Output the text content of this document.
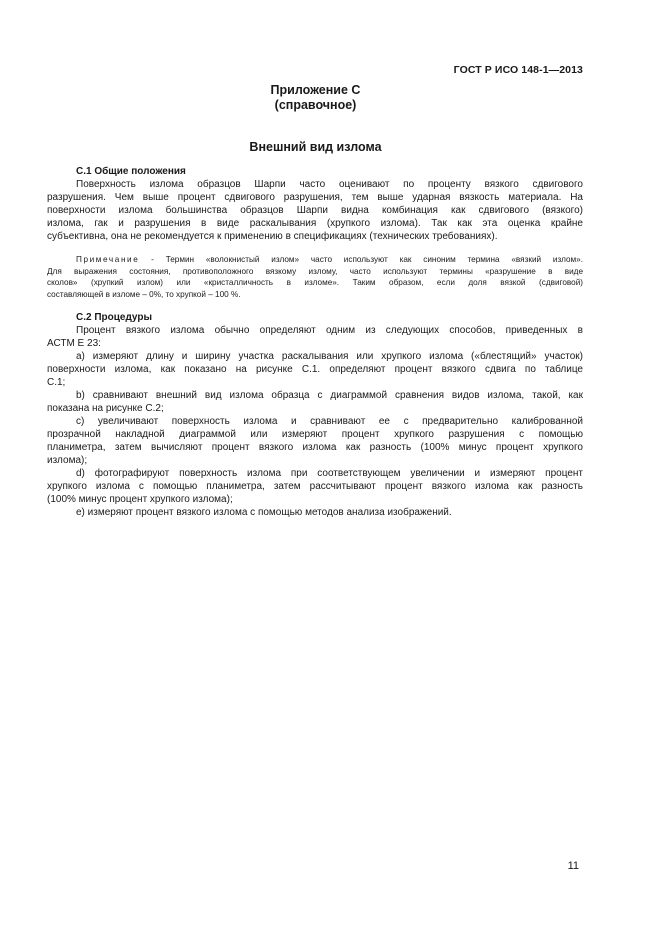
ГОСТ Р ИСО 148-1—2013
Приложение С
(справочное)
Внешний вид излома

С.1 Общие положения

Поверхность излома образцов Шарпи часто оценивают по проценту вязкого сдвигового

разрушения. Чем выше процент сдвигового разрушения, тем выше ударная вязкость материала. На

поверхности излома большинства образцов Шарпи видна комбинация как сдвигового (вязкого)

излома, гак и разрушения в виде раскалывания (хрупкого излома). Так как эта оценка крайне

субъективна, она не рекомендуется к применению в спецификациях (технических требованиях).

Примечание - Термин «волокнистый излом» часто используют как синоним термина «вязкий излом».

Для выражения состояния, противоположного вязкому излому, часто используют термины «разрушение в виде

сколов» (хрупкий излом) или «кристалличность в изломе». Таким образом, если доля вязкой (сдвиговой)

составляющей в изломе – 0%, то хрупкой – 100 %.

С.2 Процедуры

Процент вязкого излома обычно определяют одним из следующих способов, приведенных в

АСТМ Е 23:

а) измеряют длину и ширину участка раскалывания или хрупкого излома («блестящий» участок)

поверхности излома, как показано на рисунке С.1. определяют процент вязкого сдвига по таблице

С.1;

b) сравнивают внешний вид излома образца с диаграммой сравнения видов излома, такой, как

показана на рисунке С.2;

с) увеличивают поверхность излома и сравнивают ее с предварительно калиброванной

прозрачной накладной диаграммой или измеряют процент хрупкого разрушения с помощью

планиметра, затем вычисляют процент вязкого излома как разность (100% минус процент хрупкого

излома);

d) фотографируют поверхность излома при соответствующем увеличении и измеряют процент

хрупкого излома с помощью планиметра, затем рассчитывают процент вязкого излома как разность

(100% минус процент хрупкого излома);

е) измеряют процент вязкого излома с помощью методов анализа изображений.

11
